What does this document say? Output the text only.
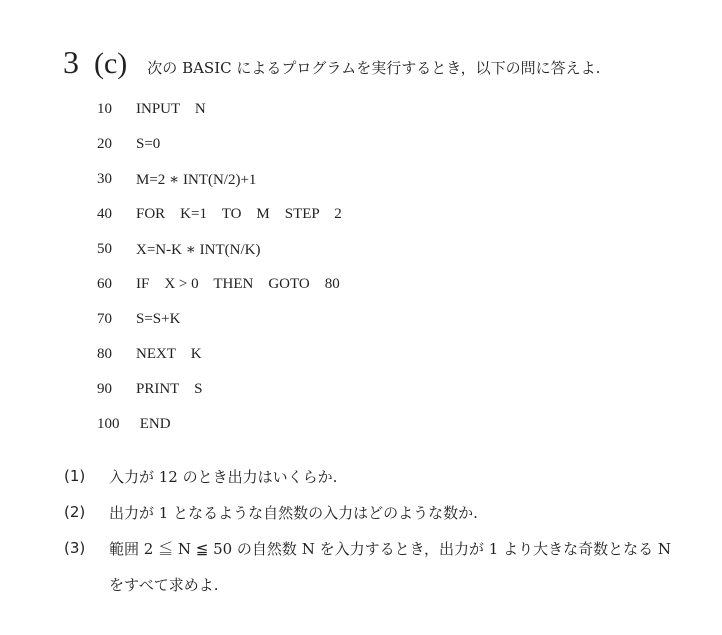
3 (c) 次の BASIC によるプログラムを実行するとき，以下の問に答えよ.
10	INPUT    N
20	S=0
30	M=2 ∗ INT(N/2)+1
40	FOR    K=1    TO    M    STEP    2
50	X=N-K ∗ INT(N/K)
60	IF    X > 0    THEN    GOTO    80
70	S=S+K
80	NEXT    K
90	PRINT    S
100	END
(1)	入力が 12 のとき出力はいくらか.
(2)	出力が 1 となるような自然数の入力はどのような数か.
(3)	範囲 2 ≦ N ≦ 50 の自然数 N を入力するとき，出力が 1 より大きな奇数となる N
をすべて求めよ.
